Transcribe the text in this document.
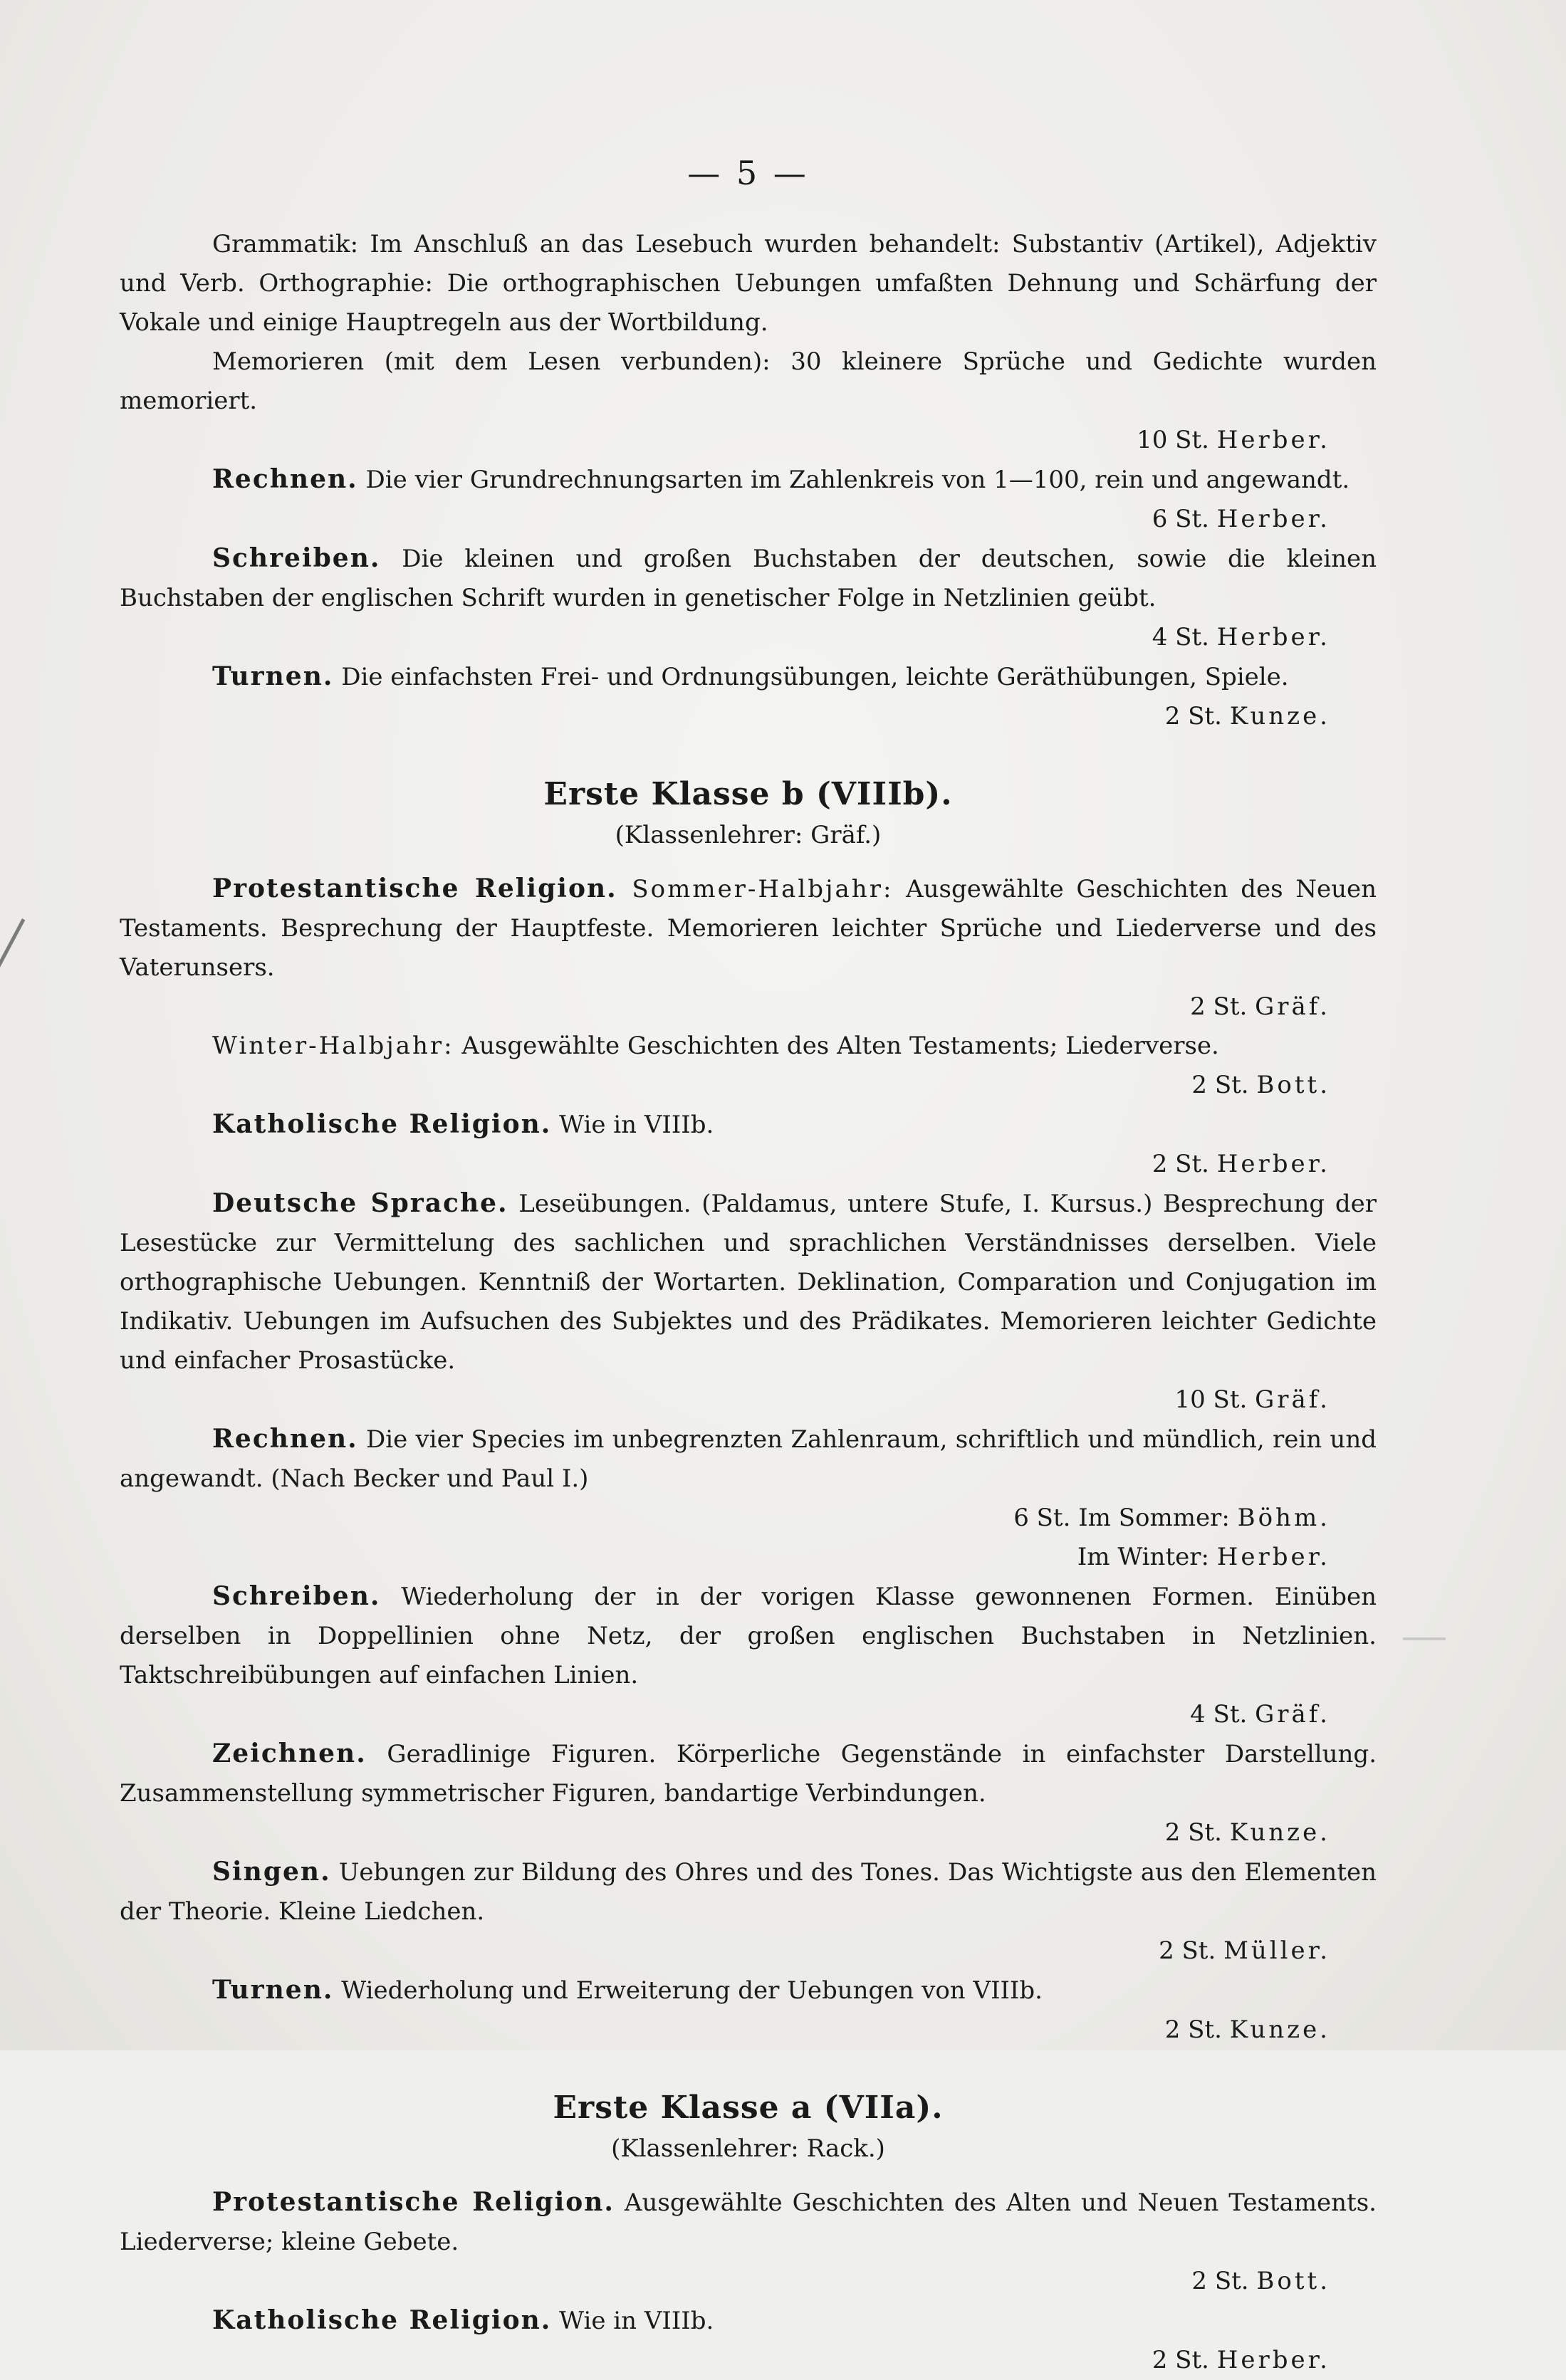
— 5 —

Grammatik: Im Anschluß an das Lesebuch wurden behandelt: Substantiv (Artikel), Adjektiv und Verb. Orthographie: Die orthographischen Uebungen umfaßten Dehnung und Schärfung der Vokale und einige Hauptregeln aus der Wortbildung.

Memorieren (mit dem Lesen verbunden): 30 kleinere Sprüche und Gedichte wurden memoriert.

10 St. Herber.

Rechnen. Die vier Grundrechnungsarten im Zahlenkreis von 1—100, rein und angewandt.

6 St. Herber.

Schreiben. Die kleinen und großen Buchstaben der deutschen, sowie die kleinen Buchstaben der englischen Schrift wurden in genetischer Folge in Netzlinien geübt.

4 St. Herber.

Turnen. Die einfachsten Frei- und Ordnungsübungen, leichte Geräthübungen, Spiele.

2 St. Kunze.
Erste Klasse b (VIIIb).
(Klassenlehrer: Gräf.)

Protestantische Religion. Sommer-Halbjahr: Ausgewählte Geschichten des Neuen Testaments. Besprechung der Hauptfeste. Memorieren leichter Sprüche und Liederverse und des Vaterunsers.

2 St. Gräf.

Winter-Halbjahr: Ausgewählte Geschichten des Alten Testaments; Liederverse.

2 St. Bott.

Katholische Religion. Wie in VIIIb.

2 St. Herber.

Deutsche Sprache. Leseübungen. (Paldamus, untere Stufe, I. Kursus.) Besprechung der Lesestücke zur Vermittelung des sachlichen und sprachlichen Verständnisses derselben. Viele orthographische Uebungen. Kenntniß der Wortarten. Deklination, Comparation und Conjugation im Indikativ. Uebungen im Aufsuchen des Subjektes und des Prädikates. Memorieren leichter Gedichte und einfacher Prosastücke.

10 St. Gräf.

Rechnen. Die vier Species im unbegrenzten Zahlenraum, schriftlich und mündlich, rein und angewandt. (Nach Becker und Paul I.)

6 St. Im Sommer: Böhm.
Im Winter: Herber.

Schreiben. Wiederholung der in der vorigen Klasse gewonnenen Formen. Einüben derselben in Doppellinien ohne Netz, der großen englischen Buchstaben in Netzlinien. Taktschreibübungen auf einfachen Linien.

4 St. Gräf.

Zeichnen. Geradlinige Figuren. Körperliche Gegenstände in einfachster Darstellung. Zusammenstellung symmetrischer Figuren, bandartige Verbindungen.

2 St. Kunze.

Singen. Uebungen zur Bildung des Ohres und des Tones. Das Wichtigste aus den Elementen der Theorie. Kleine Liedchen.

2 St. Müller.

Turnen. Wiederholung und Erweiterung der Uebungen von VIIIb.

2 St. Kunze.
Erste Klasse a (VIIa).
(Klassenlehrer: Rack.)

Protestantische Religion. Ausgewählte Geschichten des Alten und Neuen Testaments. Liederverse; kleine Gebete.

2 St. Bott.

Katholische Religion. Wie in VIIIb.

2 St. Herber.
